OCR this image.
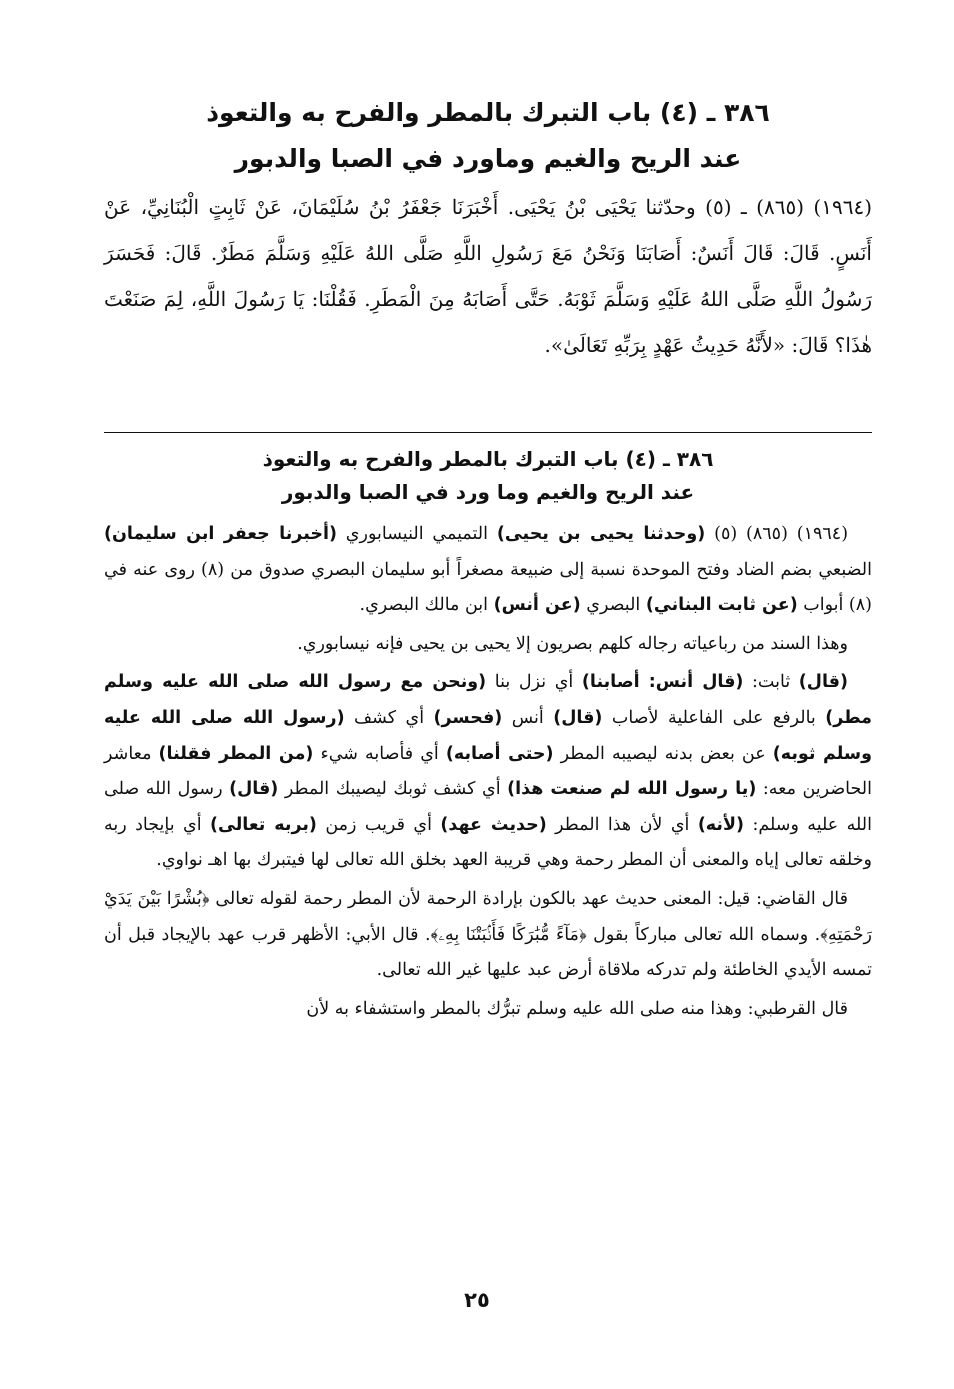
٣٨٦ ـ (٤) باب التبرك بالمطر والفرح به والتعوذ
عند الريح والغيم وماورد في الصبا والدبور

(١٩٦٤) (٨٦٥) ـ (٥) وحدّثنا يَحْيَى بْنُ يَحْيَى. أَخْبَرَنَا جَعْفَرُ بْنُ سُلَيْمَانَ، عَنْ ثَابِتٍ الْبُنَانِيِّ، عَنْ أَنَسٍ. قَالَ: قَالَ أَنَسٌ: أَصَابَنَا وَنَحْنُ مَعَ رَسُولِ اللَّهِ صَلَّى اللهُ عَلَيْهِ وَسَلَّمَ مَطَرٌ. قَالَ: فَحَسَرَ رَسُولُ اللَّهِ صَلَّى اللهُ عَلَيْهِ وَسَلَّمَ ثَوْبَهُ. حَتَّى أَصَابَهُ مِنَ الْمَطَرِ. فَقُلْنَا: يَا رَسُولَ اللَّهِ، لِمَ صَنَعْتَ هٰذَا؟ قَالَ: «لأَنَّهُ حَدِيثُ عَهْدٍ بِرَبِّهِ تَعَالَىٰ».

٣٨٦ ـ (٤) باب التبرك بالمطر والفرح به والتعوذ
عند الريح والغيم وما ورد في الصبا والدبور

(١٩٦٤) (٨٦٥) (٥) (وحدثنا يحيى بن يحيى) التميمي النيسابوري (أخبرنا جعفر ابن سليمان) الضبعي بضم الضاد وفتح الموحدة نسبة إلى ضبيعة مصغراً أبو سليمان البصري صدوق من (٨) روى عنه في (٨) أبواب (عن ثابت البناني) البصري (عن أنس) ابن مالك البصري.

وهذا السند من رباعياته رجاله كلهم بصريون إلا يحيى بن يحيى فإنه نيسابوري.

(قال) ثابت: (قال أنس: أصابنا) أي نزل بنا (ونحن مع رسول الله صلى الله عليه وسلم مطر) بالرفع على الفاعلية لأصاب (قال) أنس (فحسر) أي كشف (رسول الله صلى الله عليه وسلم ثوبه) عن بعض بدنه ليصيبه المطر (حتى أصابه) أي فأصابه شيء (من المطر فقلنا) معاشر الحاضرين معه: (يا رسول الله لم صنعت هذا) أي كشف ثوبك ليصيبك المطر (قال) رسول الله صلى الله عليه وسلم: (لأنه) أي لأن هذا المطر (حديث عهد) أي قريب زمن (بربه تعالى) أي بإيجاد ربه وخلقه تعالى إياه والمعنى أن المطر رحمة وهي قريبة العهد بخلق الله تعالى لها فيتبرك بها اهـ نواوي.

قال القاضي: قيل: المعنى حديث عهد بالكون بإرادة الرحمة لأن المطر رحمة لقوله تعالى ﴿بُشْرًا بَيْنَ يَدَيْ رَحْمَتِهِ﴾. وسماه الله تعالى مباركاً بقول ﴿مَآءً مُّبَٰرَكًا فَأَنۢبَتْنَا بِهِۦ﴾. قال الأبي: الأظهر قرب عهد بالإيجاد قبل أن تمسه الأيدي الخاطئة ولم تدركه ملاقاة أرض عبد عليها غير الله تعالى.

قال القرطبي: وهذا منه صلى الله عليه وسلم تبرُّك بالمطر واستشفاء به لأن

٢٥
